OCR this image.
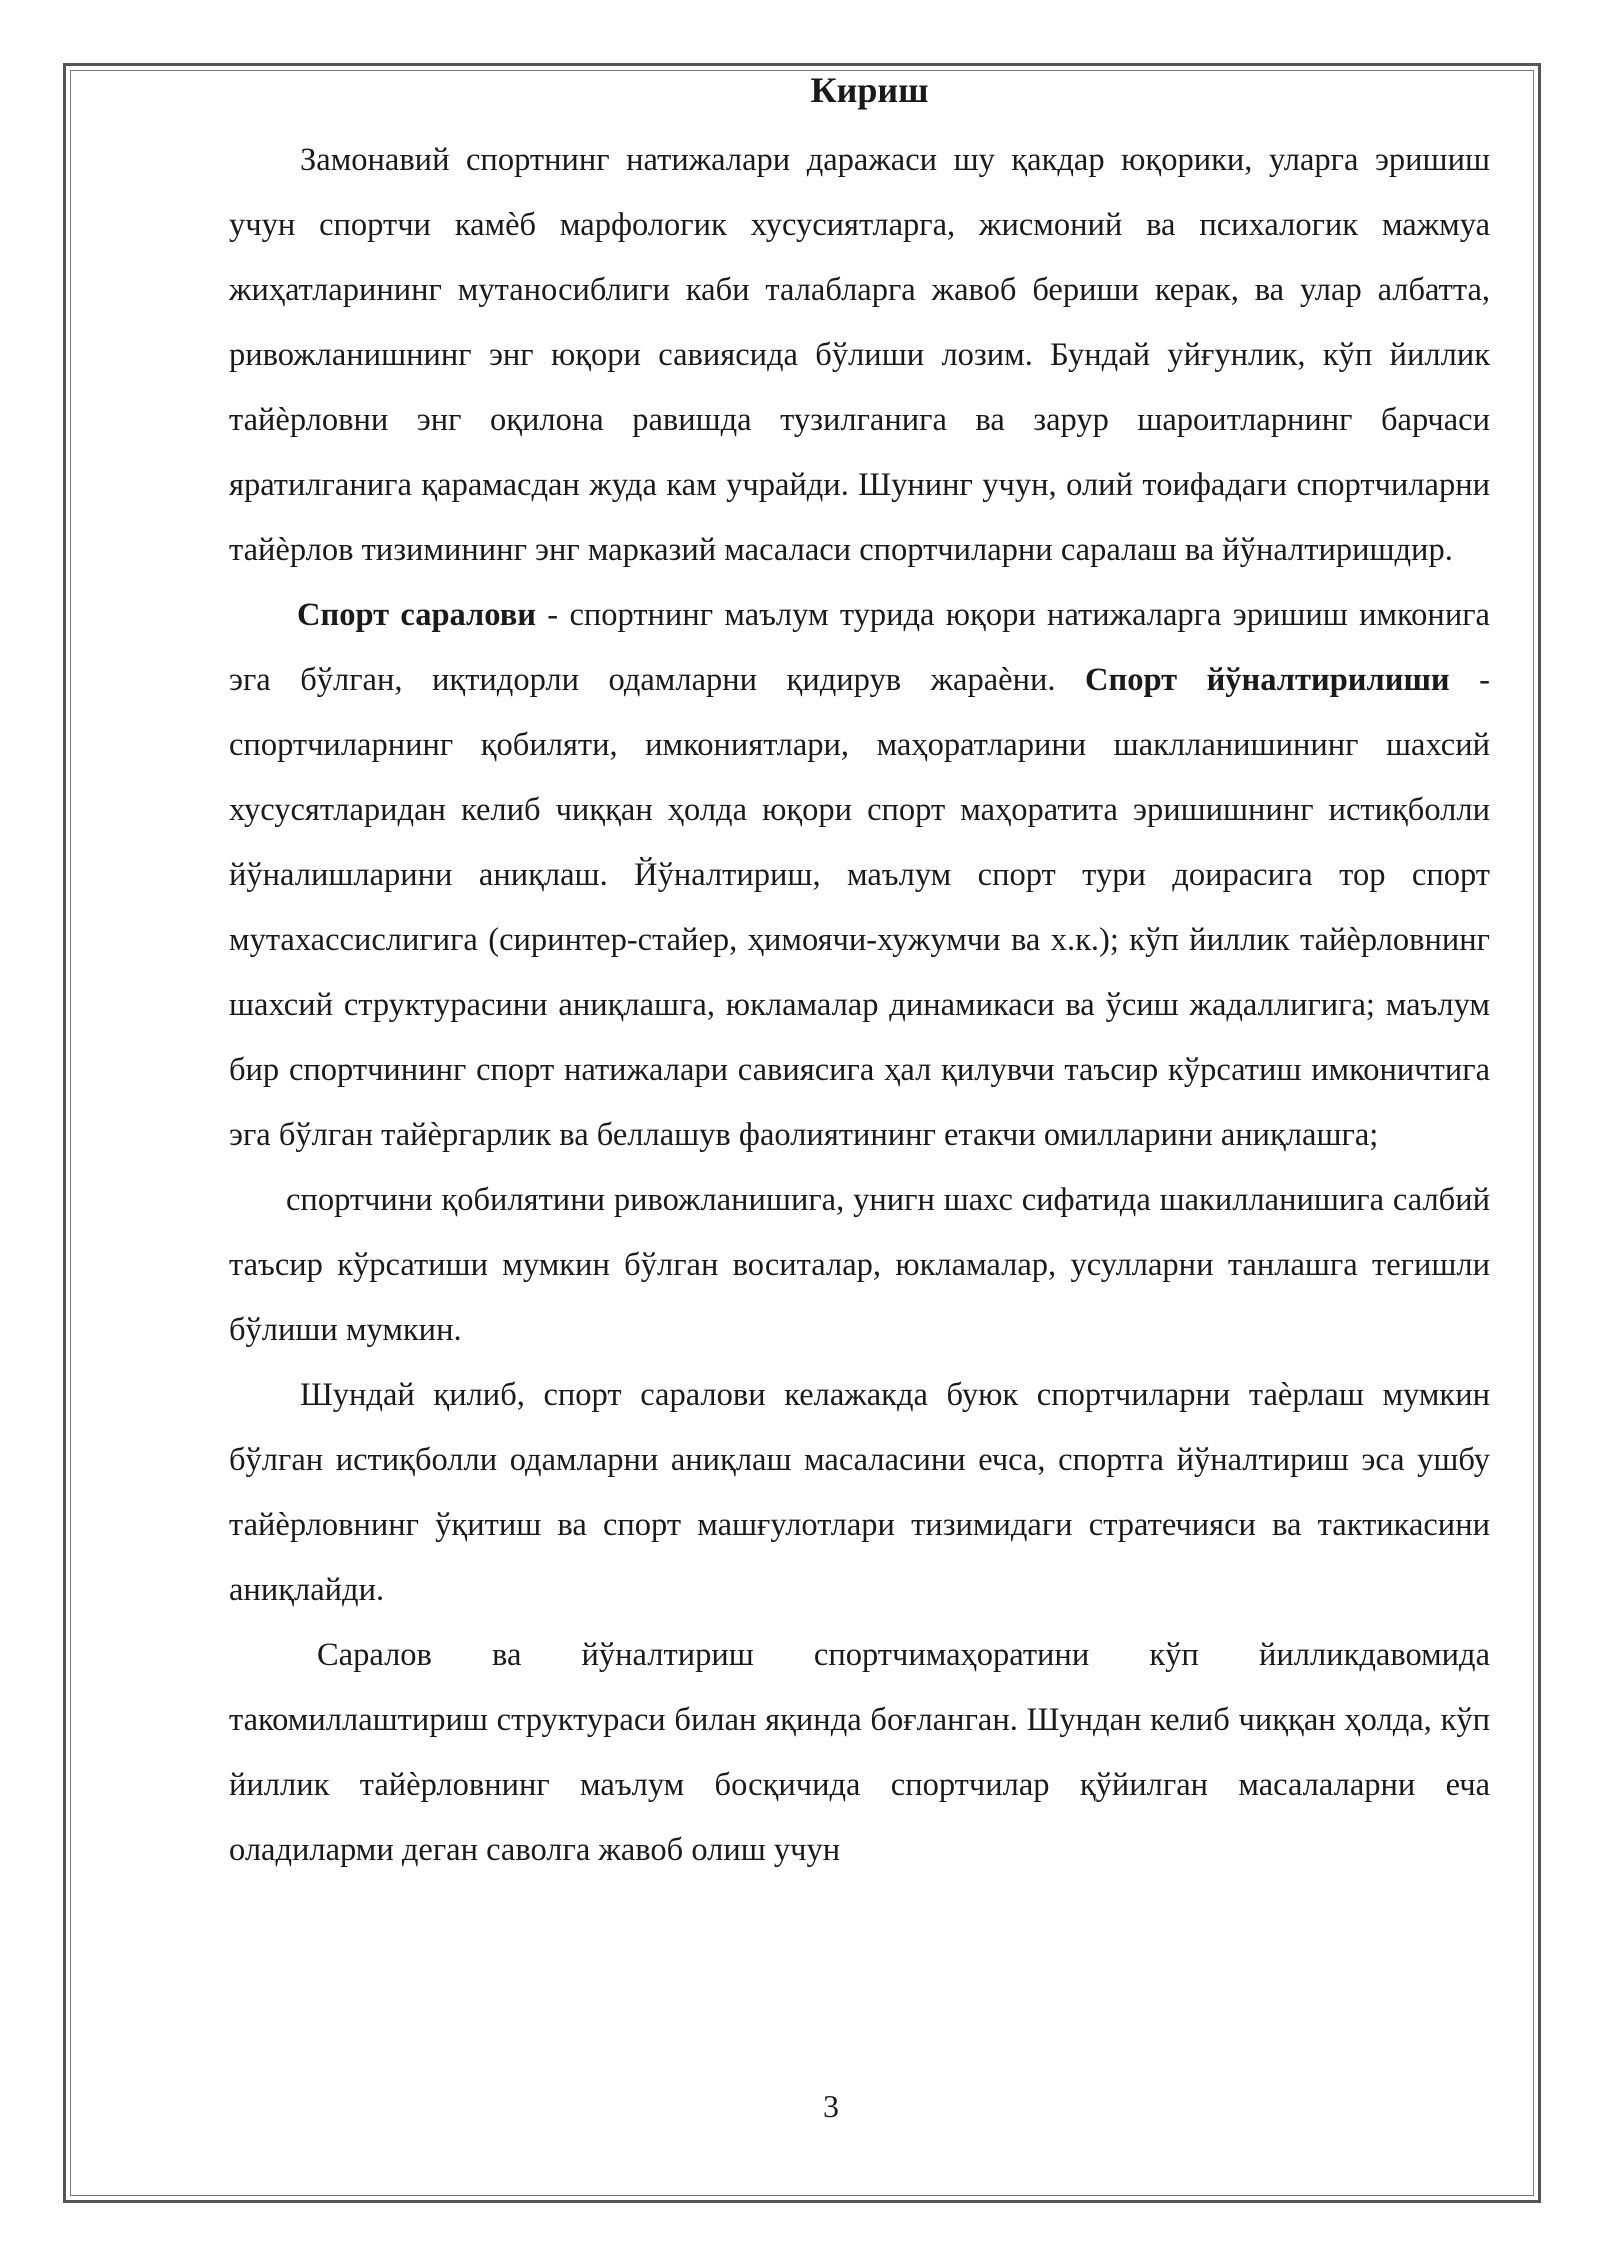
Кириш

Замонавий спортнинг натижалари даражаси шу қакдар юқорики, уларга эришиш учун спортчи камѐб марфологик хусусиятларга, жисмоний ва психалогик мажмуа жиҳатларининг мутаносиблиги каби талабларга жавоб бериши керак, ва улар албатта, ривожланишнинг энг юқори савиясида бўлиши лозим. Бундай уйғунлик, кўп йиллик тайѐрловни энг оқилона равишда тузилганига ва зарур шароитларнинг барчаси яратилганига қарамасдан жуда кам учрайди. Шунинг учун, олий тоифадаги спортчиларни тайѐрлов тизимининг энг марказий масаласи спортчиларни саралаш ва йўналтиришдир.

Спорт саралови - спортнинг маълум турида юқори натижаларга эришиш имконига эга бўлган, иқтидорли одамларни қидирув жараѐни. Спорт йўналтирилиши - спортчиларнинг қобиляти, имкониятлари, маҳоратларини шаклланишининг шахсий хусусятларидан келиб чиққан ҳолда юқори спорт маҳоратита эришишнинг истиқболли йўналишларини аниқлаш. Йўналтириш, маълум спорт тури доирасига тор спорт мутахассислигига (сиринтер-стайер, ҳимоячи-хужумчи ва х.к.); кўп йиллик тайѐрловнинг шахсий структурасини аниқлашга, юкламалар динамикаси ва ўсиш жадаллигига; маълум бир спортчининг спорт натижалари савиясига ҳал қилувчи таъсир кўрсатиш имконичтига эга бўлган тайѐргарлик ва беллашув фаолиятининг етакчи омилларини аниқлашга;

спортчини қобилятини ривожланишига, унигн шахс сифатида шакилланишига салбий таъсир кўрсатиши мумкин бўлган воситалар, юкламалар, усулларни танлашга тегишли бўлиши мумкин.

Шундай қилиб, спорт саралови келажакда буюк спортчиларни таѐрлаш мумкин бўлган истиқболли одамларни аниқлаш масаласини ечса, спортга йўналтириш эса ушбу тайѐрловнинг ўқитиш ва спорт машғулотлари тизимидаги стратечияси ва тактикасини аниқлайди.

Саралов ва йўналтириш спортчимаҳоратини кўп йилликдавомида такомиллаштириш структураси билан яқинда боғланган. Шундан келиб чиққан ҳолда, кўп йиллик тайѐрловнинг маълум босқичида спортчилар қўйилган масалаларни еча оладиларми деган саволга жавоб олиш учун

3
